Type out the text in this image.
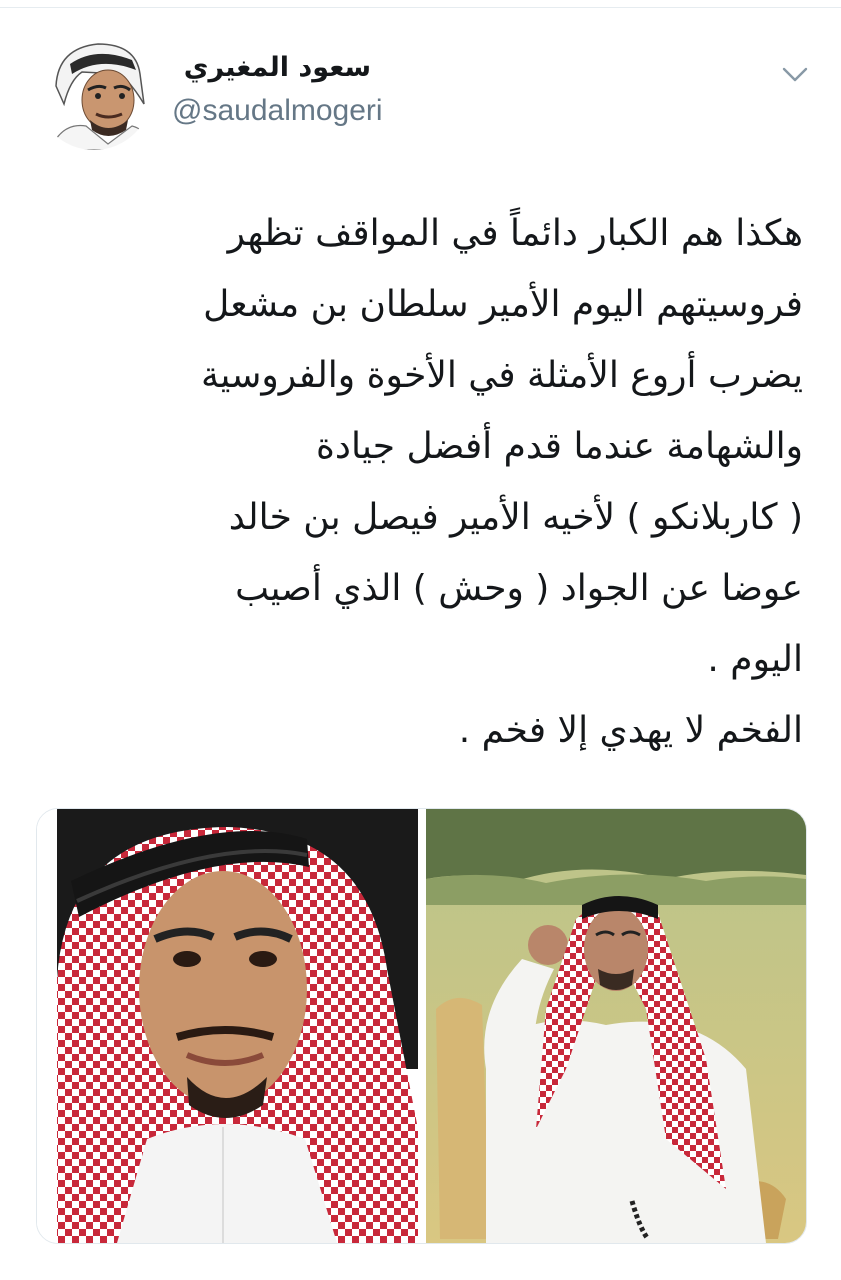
سعود المغيري
@saudalmogeri
هكذا هم الكبار دائماً في المواقف تظهر
فروسيتهم اليوم الأمير سلطان بن مشعل
يضرب أروع الأمثلة في الأخوة والفروسية
والشهامة عندما قدم أفضل جيادة
( كاربلانكو ) لأخيه الأمير فيصل بن خالد
عوضا عن الجواد ( وحش ) الذي أصيب
اليوم .
الفخم لا يهدي إلا فخم .
